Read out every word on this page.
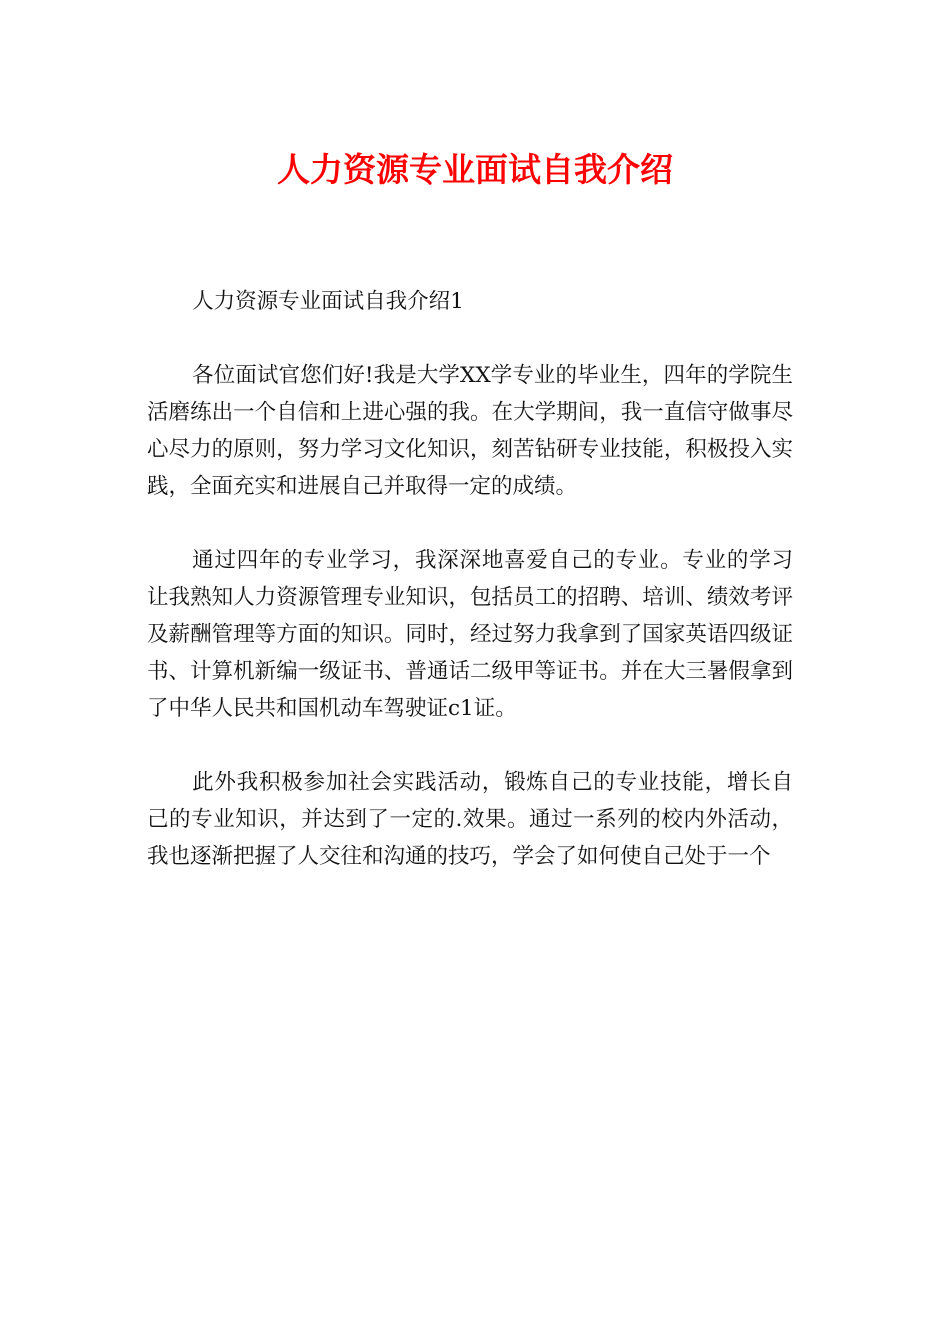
人力资源专业面试自我介绍

人力资源专业面试自我介绍1

各位面试官您们好!我是大学XX学专业的毕业生，四年的学院生活磨练出一个自信和上进心强的我。在大学期间，我一直信守做事尽心尽力的原则，努力学习文化知识，刻苦钻研专业技能，积极投入实践，全面充实和进展自己并取得一定的成绩。

通过四年的专业学习，我深深地喜爱自己的专业。专业的学习让我熟知人力资源管理专业知识，包括员工的招聘、培训、绩效考评及薪酬管理等方面的知识。同时，经过努力我拿到了国家英语四级证书、计算机新编一级证书、普通话二级甲等证书。并在大三暑假拿到了中华人民共和国机动车驾驶证c1证。

此外我积极参加社会实践活动，锻炼自己的专业技能，增长自己的专业知识，并达到了一定的.效果。通过一系列的校内外活动，我也逐渐把握了人交往和沟通的技巧，学会了如何使自己处于一个
